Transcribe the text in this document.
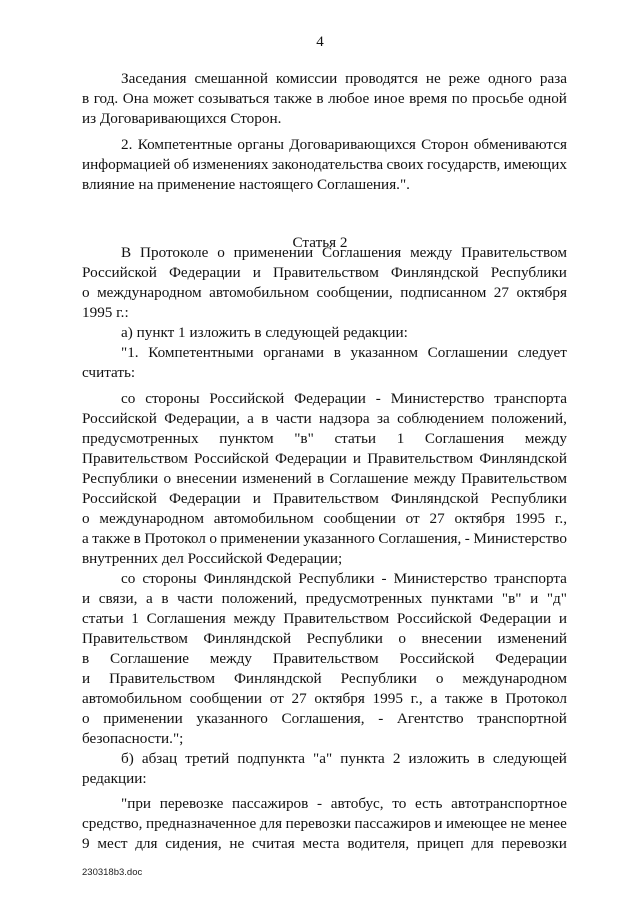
4
Заседания смешанной комиссии проводятся не реже одного раза
в год. Она может созываться также в любое иное время по просьбе одной
из Договаривающихся Сторон.
2. Компетентные органы Договаривающихся Сторон обмениваются
информацией об изменениях законодательства своих государств, имеющих
влияние на применение настоящего Соглашения.".
В Протоколе о применении Соглашения между Правительством
Российской Федерации и Правительством Финляндской Республики
о международном автомобильном сообщении, подписанном 27 октября
1995 г.:
а) пункт 1 изложить в следующей редакции:
"1. Компетентными органами в указанном Соглашении следует
считать:
со стороны Российской Федерации - Министерство транспорта
Российской Федерации, а в части надзора за соблюдением положений,
предусмотренных пунктом "в" статьи 1 Соглашения между
Правительством Российской Федерации и Правительством Финляндской
Республики о внесении изменений в Соглашение между Правительством
Российской Федерации и Правительством Финляндской Республики
о международном автомобильном сообщении от 27 октября 1995 г.,
а также в Протокол о применении указанного Соглашения, - Министерство
внутренних дел Российской Федерации;
со стороны Финляндской Республики - Министерство транспорта
и связи, а в части положений, предусмотренных пунктами "в" и "д"
статьи 1 Соглашения между Правительством Российской Федерации и
Правительством Финляндской Республики о внесении изменений
в Соглашение между Правительством Российской Федерации
и Правительством Финляндской Республики о международном
автомобильном сообщении от 27 октября 1995 г., а также в Протокол
о применении указанного Соглашения, - Агентство транспортной
безопасности.";
б) абзац третий подпункта "а" пункта 2 изложить в следующей
редакции:
"при перевозке пассажиров - автобус, то есть автотранспортное
средство, предназначенное для перевозки пассажиров и имеющее не менее
9 мест для сидения, не считая места водителя, прицеп для перевозки
Статья 2
230318b3.doc
